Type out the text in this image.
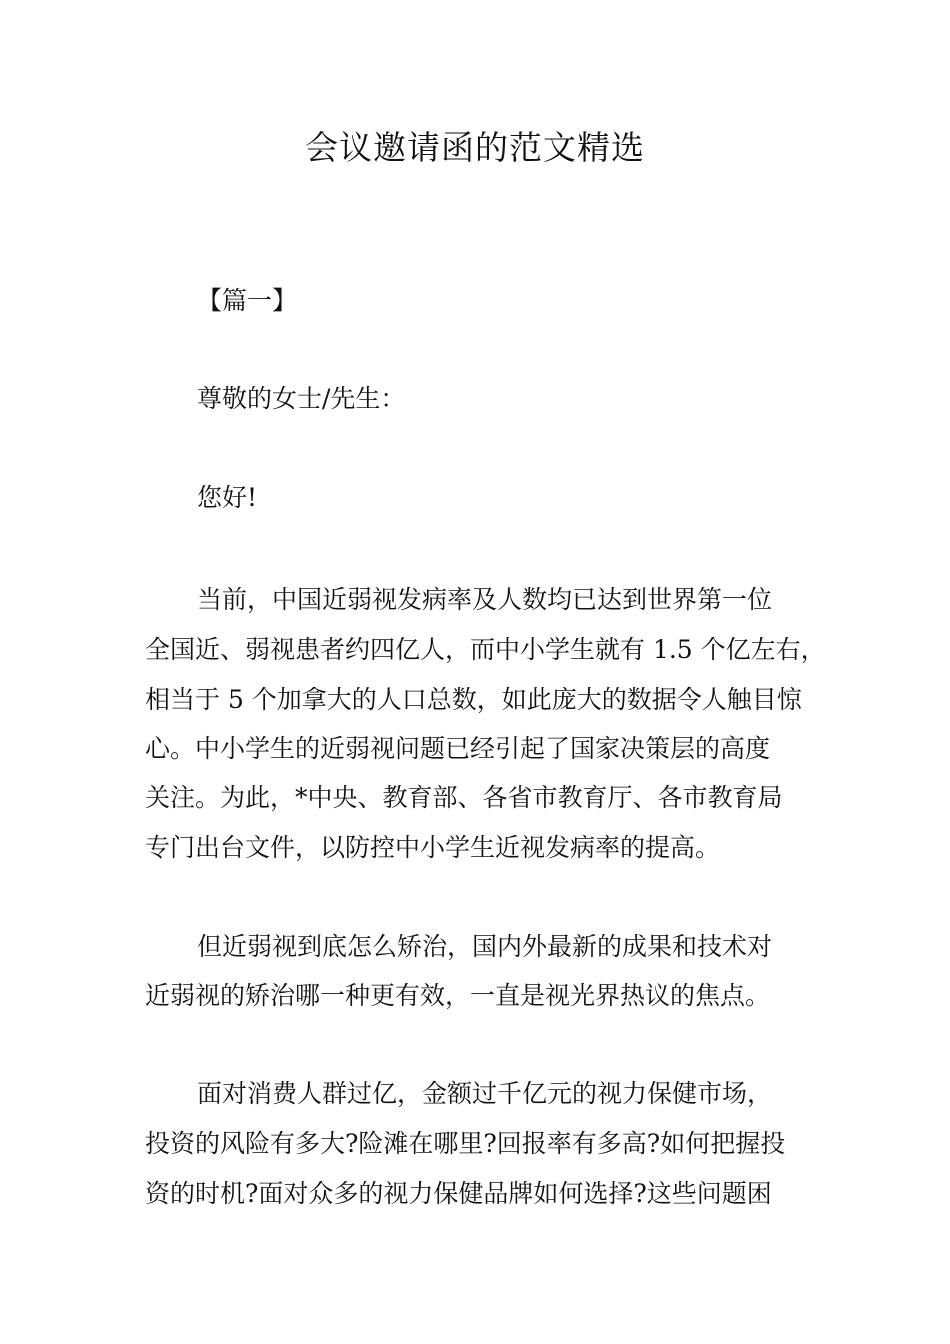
会议邀请函的范文精选
【篇一】
尊敬的女士/先生：
您好!
当前，中国近弱视发病率及人数均已达到世界第一位
全国近、弱视患者约四亿人，而中小学生就有 1.5 个亿左右，
相当于 5 个加拿大的人口总数，如此庞大的数据令人触目惊
心。中小学生的近弱视问题已经引起了国家决策层的高度
关注。为此，*中央、教育部、各省市教育厅、各市教育局
专门出台文件，以防控中小学生近视发病率的提高。
但近弱视到底怎么矫治，国内外最新的成果和技术对
近弱视的矫治哪一种更有效，一直是视光界热议的焦点。
面对消费人群过亿，金额过千亿元的视力保健市场，
投资的风险有多大?险滩在哪里?回报率有多高?如何把握投
资的时机?面对众多的视力保健品牌如何选择?这些问题困
